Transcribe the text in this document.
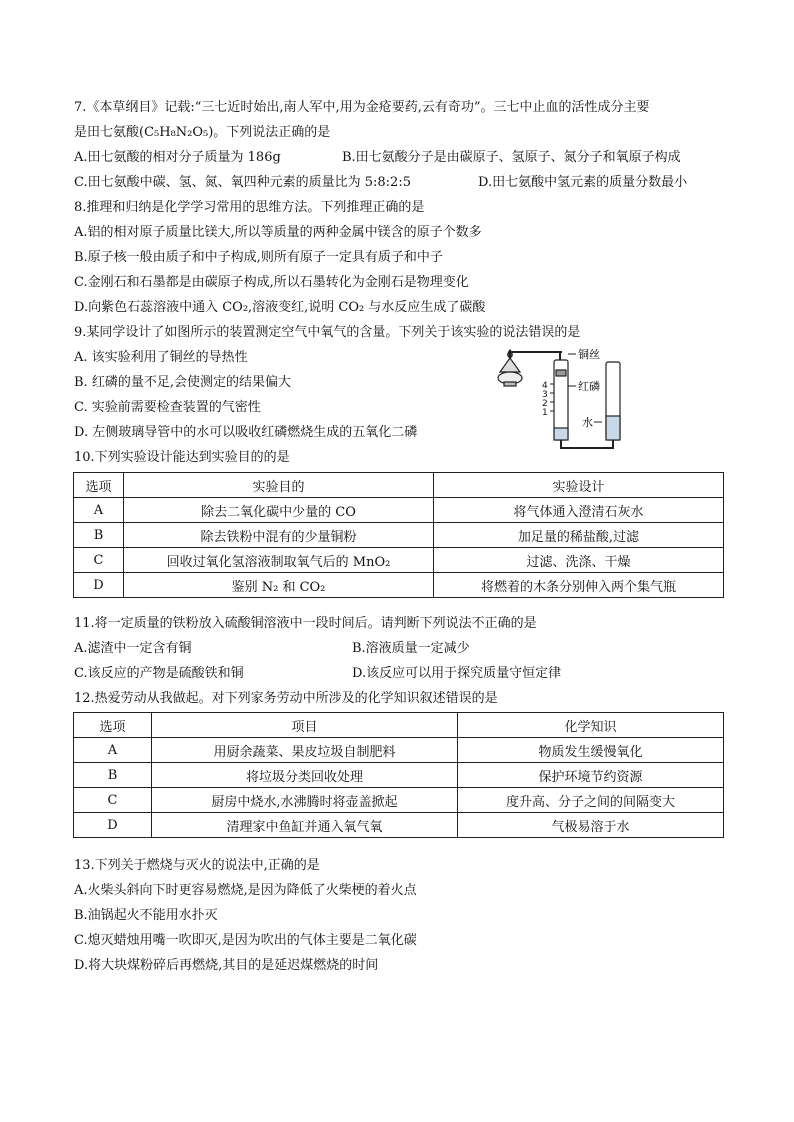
7.《本草纲目》记载:“三七近时始出,南人军中,用为金疮要药,云有奇功”。三七中止血的活性成分主要
是田七氨酸(C₅H₈N₂O₅)。下列说法正确的是
A.田七氨酸的相对分子质量为 186g	B.田七氨酸分子是由碳原子、氢原子、氮分子和氧原子构成
C.田七氨酸中碳、氢、氮、氧四种元素的质量比为 5:8:2:5	D.田七氨酸中氢元素的质量分数最小
8.推理和归纳是化学学习常用的思维方法。下列推理正确的是
A.铝的相对原子质量比镁大,所以等质量的两种金属中镁含的原子个数多
B.原子核一般由质子和中子构成,则所有原子一定具有质子和中子
C.金刚石和石墨都是由碳原子构成,所以石墨转化为金刚石是物理变化
D.向紫色石蕊溶液中通入 CO₂,溶液变红,说明 CO₂ 与水反应生成了碳酸
9.某同学设计了如图所示的装置测定空气中氧气的含量。下列关于该实验的说法错误的是
A. 该实验利用了铜丝的导热性
B. 红磷的量不足,会使测定的结果偏大
C. 实验前需要检查装置的气密性
D. 左侧玻璃导管中的水可以吸收红磷燃烧生成的五氧化二磷
铜丝
4
3
2
1
红磷
水
10.下列实验设计能达到实验目的的是
选项	实验目的	实验设计
A	除去二氧化碳中少量的 CO	将气体通入澄清石灰水
B	除去铁粉中混有的少量铜粉	加足量的稀盐酸,过滤
C	回收过氧化氢溶液制取氧气后的 MnO₂	过滤、洗涤、干燥
D	鉴别 N₂ 和 CO₂	将燃着的木条分别伸入两个集气瓶
11.将一定质量的铁粉放入硫酸铜溶液中一段时间后。请判断下列说法不正确的是
A.滤渣中一定含有铜	B.溶液质量一定减少
C.该反应的产物是硫酸铁和铜	D.该反应可以用于探究质量守恒定律
12.热爱劳动从我做起。对下列家务劳动中所涉及的化学知识叙述错误的是
选项	项目	化学知识
A	用厨余蔬菜、果皮垃圾自制肥料	物质发生缓慢氧化
B	将垃圾分类回收处理	保护环境节约资源
C	厨房中烧水,水沸腾时将壶盖掀起	度升高、分子之间的间隔变大
D	清理家中鱼缸并通入氧气氧	气极易溶于水
13.下列关于燃烧与灭火的说法中,正确的是
A.火柴头斜向下时更容易燃烧,是因为降低了火柴梗的着火点
B.油锅起火不能用水扑灭
C.熄灭蜡烛用嘴一吹即灭,是因为吹出的气体主要是二氧化碳
D.将大块煤粉碎后再燃烧,其目的是延迟煤燃烧的时间
